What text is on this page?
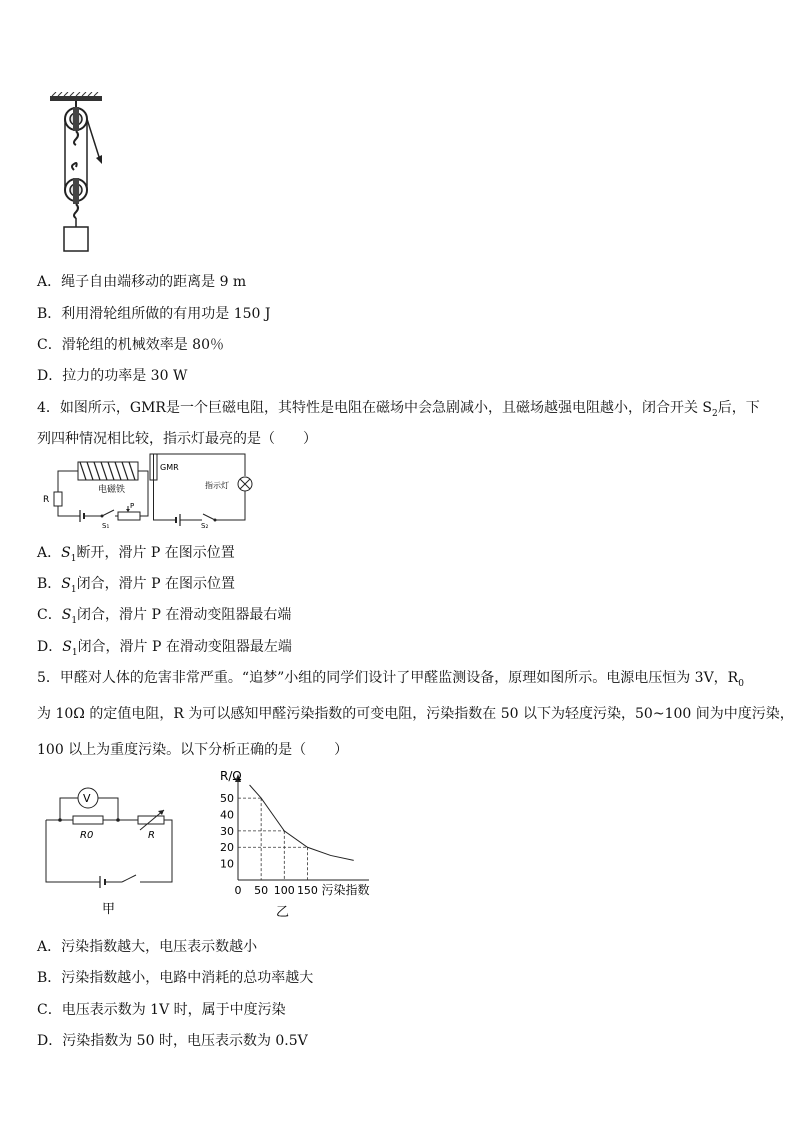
A．绳子自由端移动的距离是 9 m
B．利用滑轮组所做的有用功是 150 J
C．滑轮组的机械效率是 80％
D．拉力的功率是 30 W
4．如图所示，GMR是一个巨磁电阻，其特性是电阻在磁场中会急剧减小，且磁场越强电阻越小，闭合开关 $S_2$后，下
列四种情况相比较，指示灯最亮的是（　　）
电磁铁
R
S₁
P
GMR
指示灯
S₂
A．$S_1$断开，滑片 P 在图示位置
B．$S_1$闭合，滑片 P 在图示位置
C．$S_1$闭合，滑片 P 在滑动变阻器最右端
D．$S_1$闭合，滑片 P 在滑动变阻器最左端
5．甲醛对人体的危害非常严重。“追梦”小组的同学们设计了甲醛监测设备，原理如图所示。电源电压恒为 3V，$R_0$
为 10Ω 的定值电阻，R 为可以感知甲醛污染指数的可变电阻，污染指数在 50 以下为轻度污染，50~100 间为中度污染，
100 以上为重度污染。以下分析正确的是（　　）
V
R0	R
甲
R/Ω
污染指数
10
20
30
40
50
0 50 100 150
乙
A．污染指数越大，电压表示数越小
B．污染指数越小，电路中消耗的总功率越大
C．电压表示数为 1V 时，属于中度污染
D．污染指数为 50 时，电压表示数为 0.5V
